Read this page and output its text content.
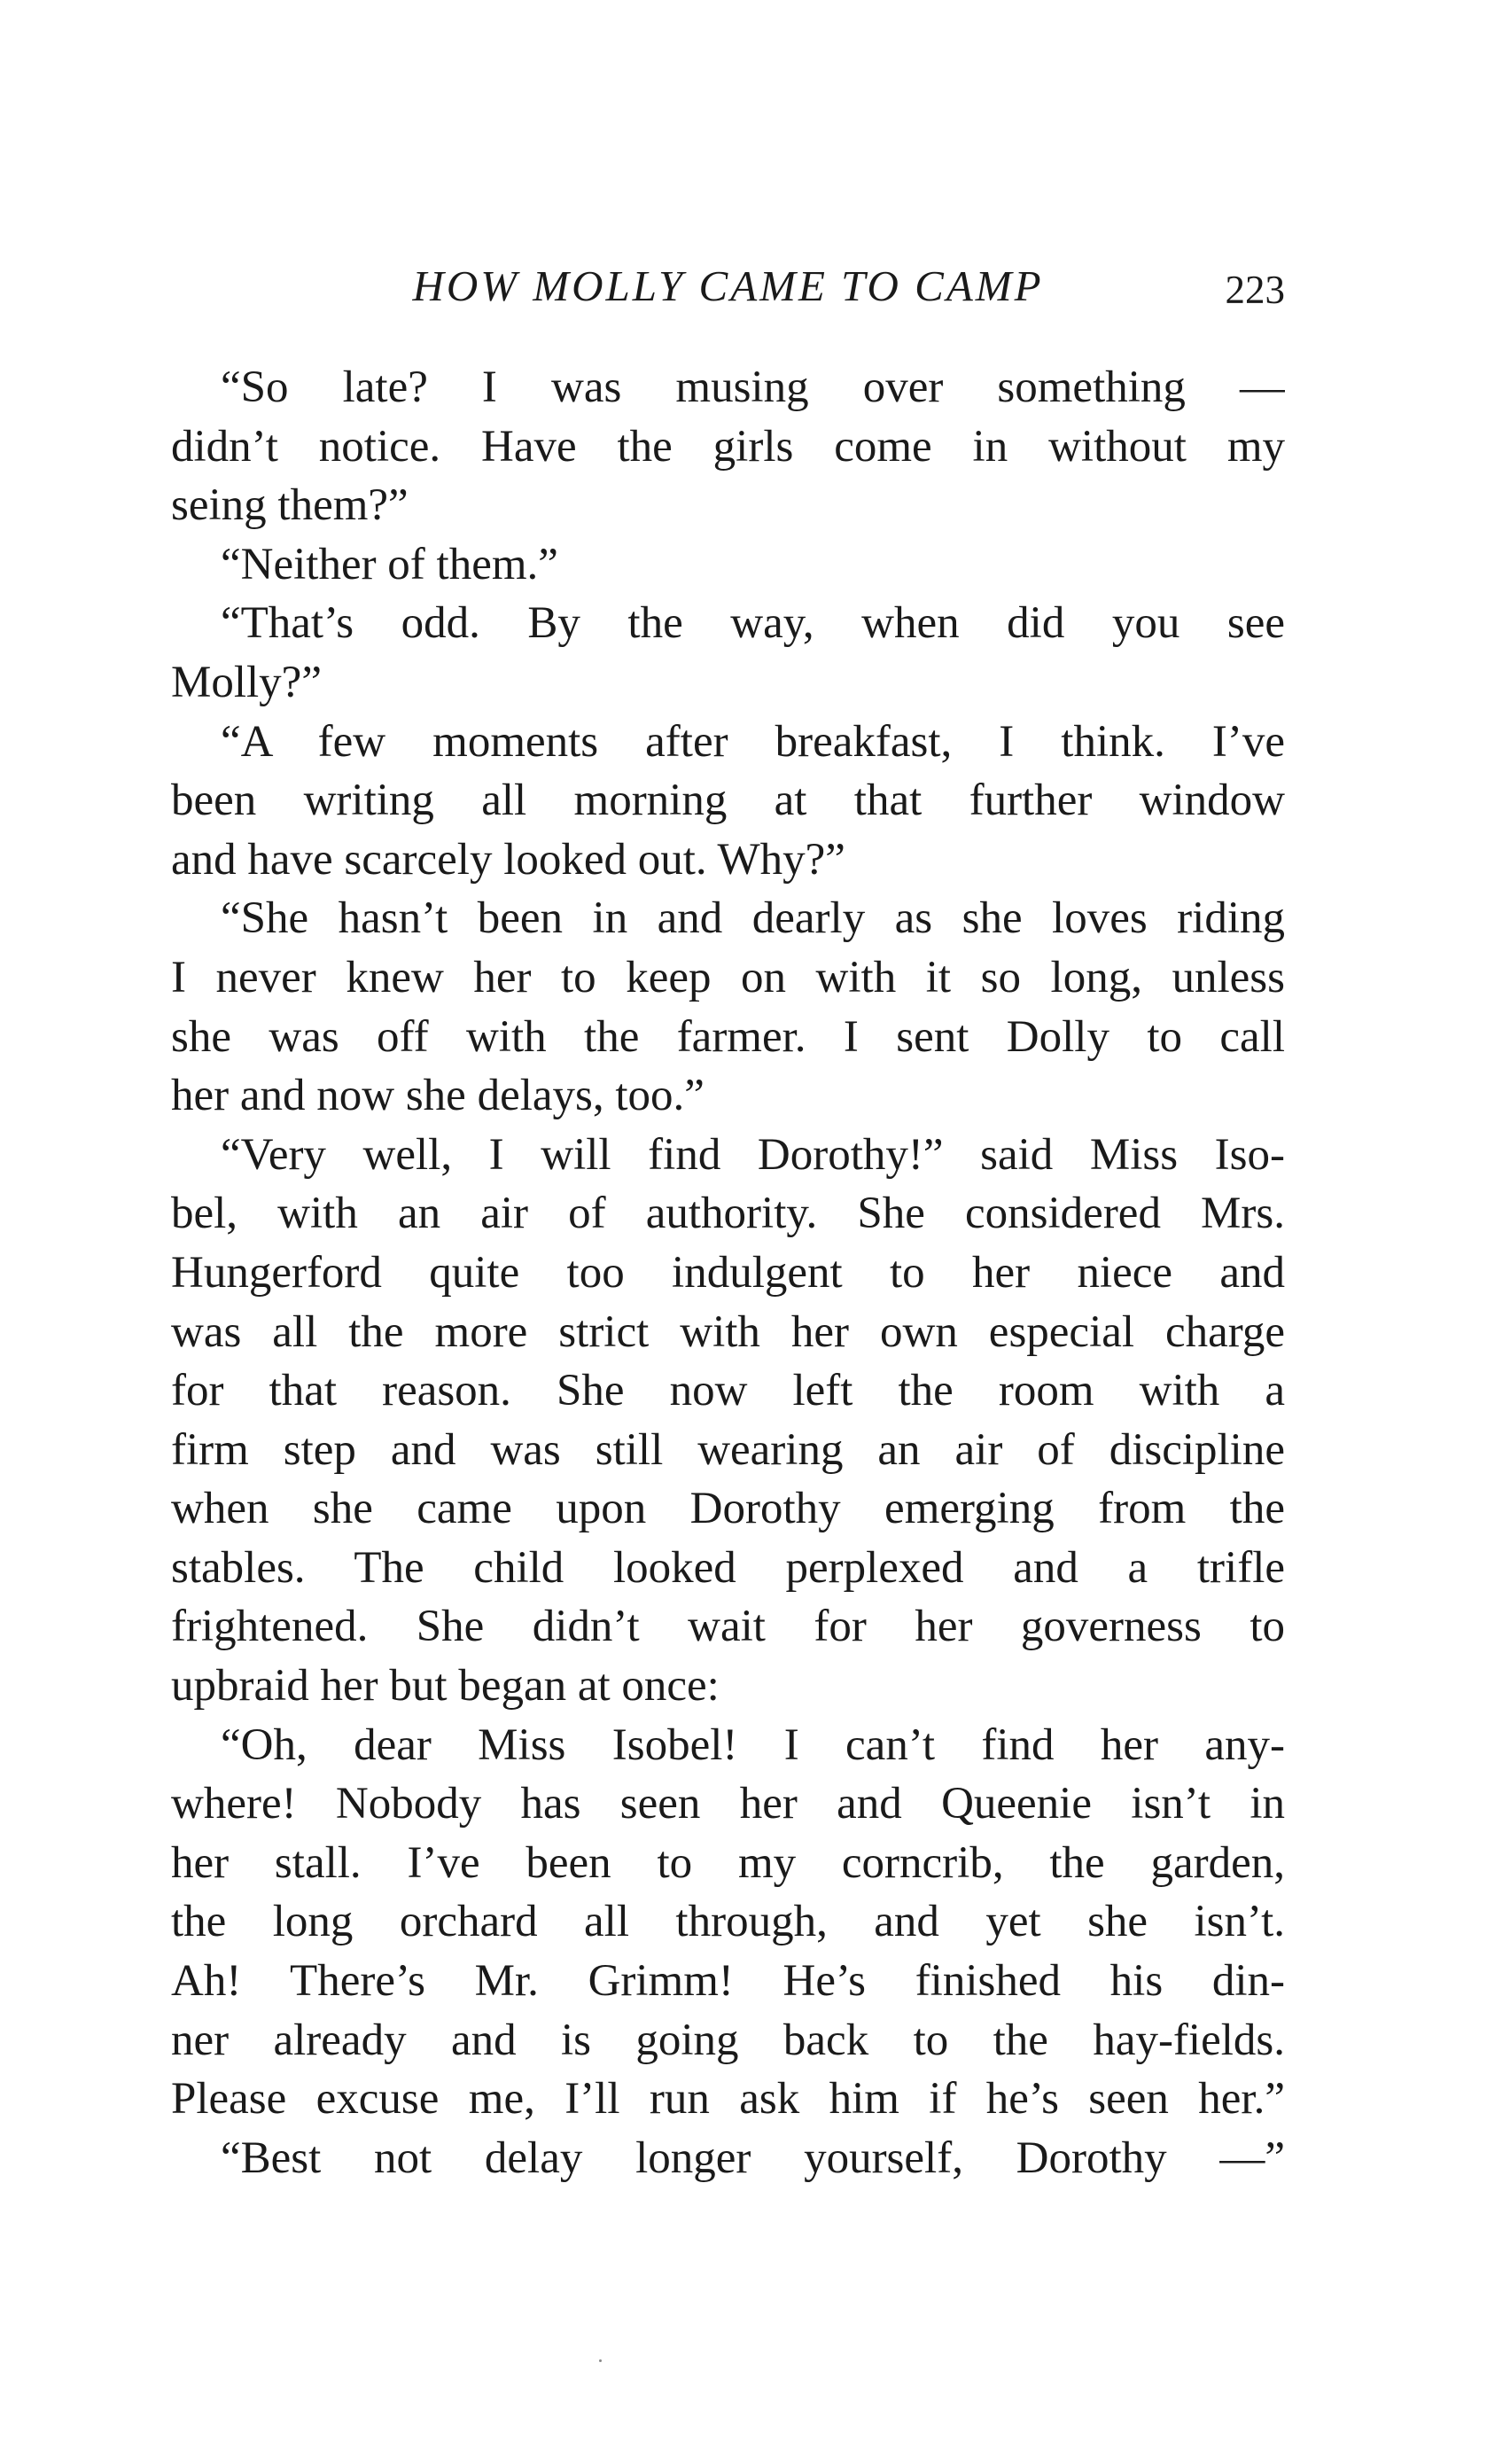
HOW MOLLY CAME TO CAMP	223
“So late? I was musing over something —
didn’t notice. Have the girls come in without my
seing them?”
“Neither of them.”
“That’s odd. By the way, when did you see
Molly?”
“A few moments after breakfast, I think. I’ve
been writing all morning at that further window
and have scarcely looked out. Why?”
“She hasn’t been in and dearly as she loves riding
I never knew her to keep on with it so long, unless
she was off with the farmer. I sent Dolly to call
her and now she delays, too.”
“Very well, I will find Dorothy!” said Miss Iso-
bel, with an air of authority. She considered Mrs.
Hungerford quite too indulgent to her niece and
was all the more strict with her own especial charge
for that reason. She now left the room with a
firm step and was still wearing an air of discipline
when she came upon Dorothy emerging from the
stables. The child looked perplexed and a trifle
frightened. She didn’t wait for her governess to
upbraid her but began at once:
“Oh, dear Miss Isobel! I can’t find her any-
where! Nobody has seen her and Queenie isn’t in
her stall. I’ve been to my corncrib, the garden,
the long orchard all through, and yet she isn’t.
Ah! There’s Mr. Grimm! He’s finished his din-
ner already and is going back to the hay-fields.
Please excuse me, I’ll run ask him if he’s seen her.”
“Best not delay longer yourself, Dorothy —”
